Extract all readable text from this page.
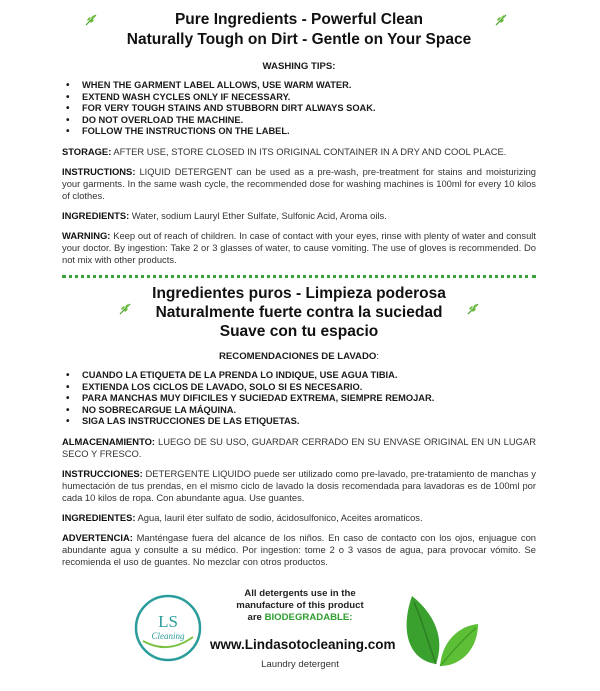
Pure Ingredients - Powerful Clean
Naturally Tough on Dirt - Gentle on Your Space
WASHING TIPS:
• WHEN THE GARMENT LABEL ALLOWS, USE WARM WATER.
• EXTEND WASH CYCLES ONLY IF NECESSARY.
• FOR VERY TOUGH STAINS AND STUBBORN DIRT ALWAYS SOAK.
• DO NOT OVERLOAD THE MACHINE.
• FOLLOW THE INSTRUCTIONS ON THE LABEL.

STORAGE: AFTER USE, STORE CLOSED IN ITS ORIGINAL CONTAINER IN A DRY AND COOL PLACE.

INSTRUCTIONS: LIQUID DETERGENT can be used as a pre-wash, pre-treatment for stains and moisturizing your garments. In the same wash cycle, the recommended dose for washing machines is 100ml for every 10 kilos of clothes.

INGREDIENTS: Water, sodium Lauryl Ether Sulfate, Sulfonic Acid, Aroma oils.

WARNING: Keep out of reach of children. In case of contact with your eyes, rinse with plenty of water and consult your doctor. By ingestion: Take 2 or 3 glasses of water, to cause vomiting. The use of gloves is recommended. Do not mix with other products.

Ingredientes puros - Limpieza poderosa
Naturalmente fuerte contra la suciedad
Suave con tu espacio
RECOMENDACIONES DE LAVADO:
• CUANDO LA ETIQUETA DE LA PRENDA LO INDIQUE, USE AGUA TIBIA.
• EXTIENDA LOS CICLOS DE LAVADO, SOLO SI ES NECESARIO.
• PARA MANCHAS MUY DIFICILES Y SUCIEDAD EXTREMA, SIEMPRE REMOJAR.
• NO SOBRECARGUE LA MÁQUINA.
• SIGA LAS INSTRUCCIONES DE LAS ETIQUETAS.

ALMACENAMIENTO: LUEGO DE SU USO, GUARDAR CERRADO EN SU ENVASE ORIGINAL EN UN LUGAR SECO Y FRESCO.

INSTRUCCIONES: DETERGENTE LIQUIDO puede ser utilizado como pre-lavado, pre-tratamiento de manchas y humectación de tus prendas, en el mismo ciclo de lavado la dosis recomendada para lavadoras es de 100ml por cada 10 kilos de ropa. Con abundante agua. Use guantes.

INGREDIENTES: Agua, lauril éter sulfato de sodio, ácidosulfonico, Aceites aromaticos.

ADVERTENCIA: Manténgase fuera del alcance de los niños. En caso de contacto con los ojos, enjuague con abundante agua y consulte a su médico. Por ingestion: tome 2 o 3 vasos de agua, para provocar vómito. Se recomienda el uso de guantes. No mezclar con otros productos.

LS
Cleaning
All detergents use in the
manufacture of this product
are BIODEGRADABLE:
www.Lindasotocleaning.com
Laundry detergent
